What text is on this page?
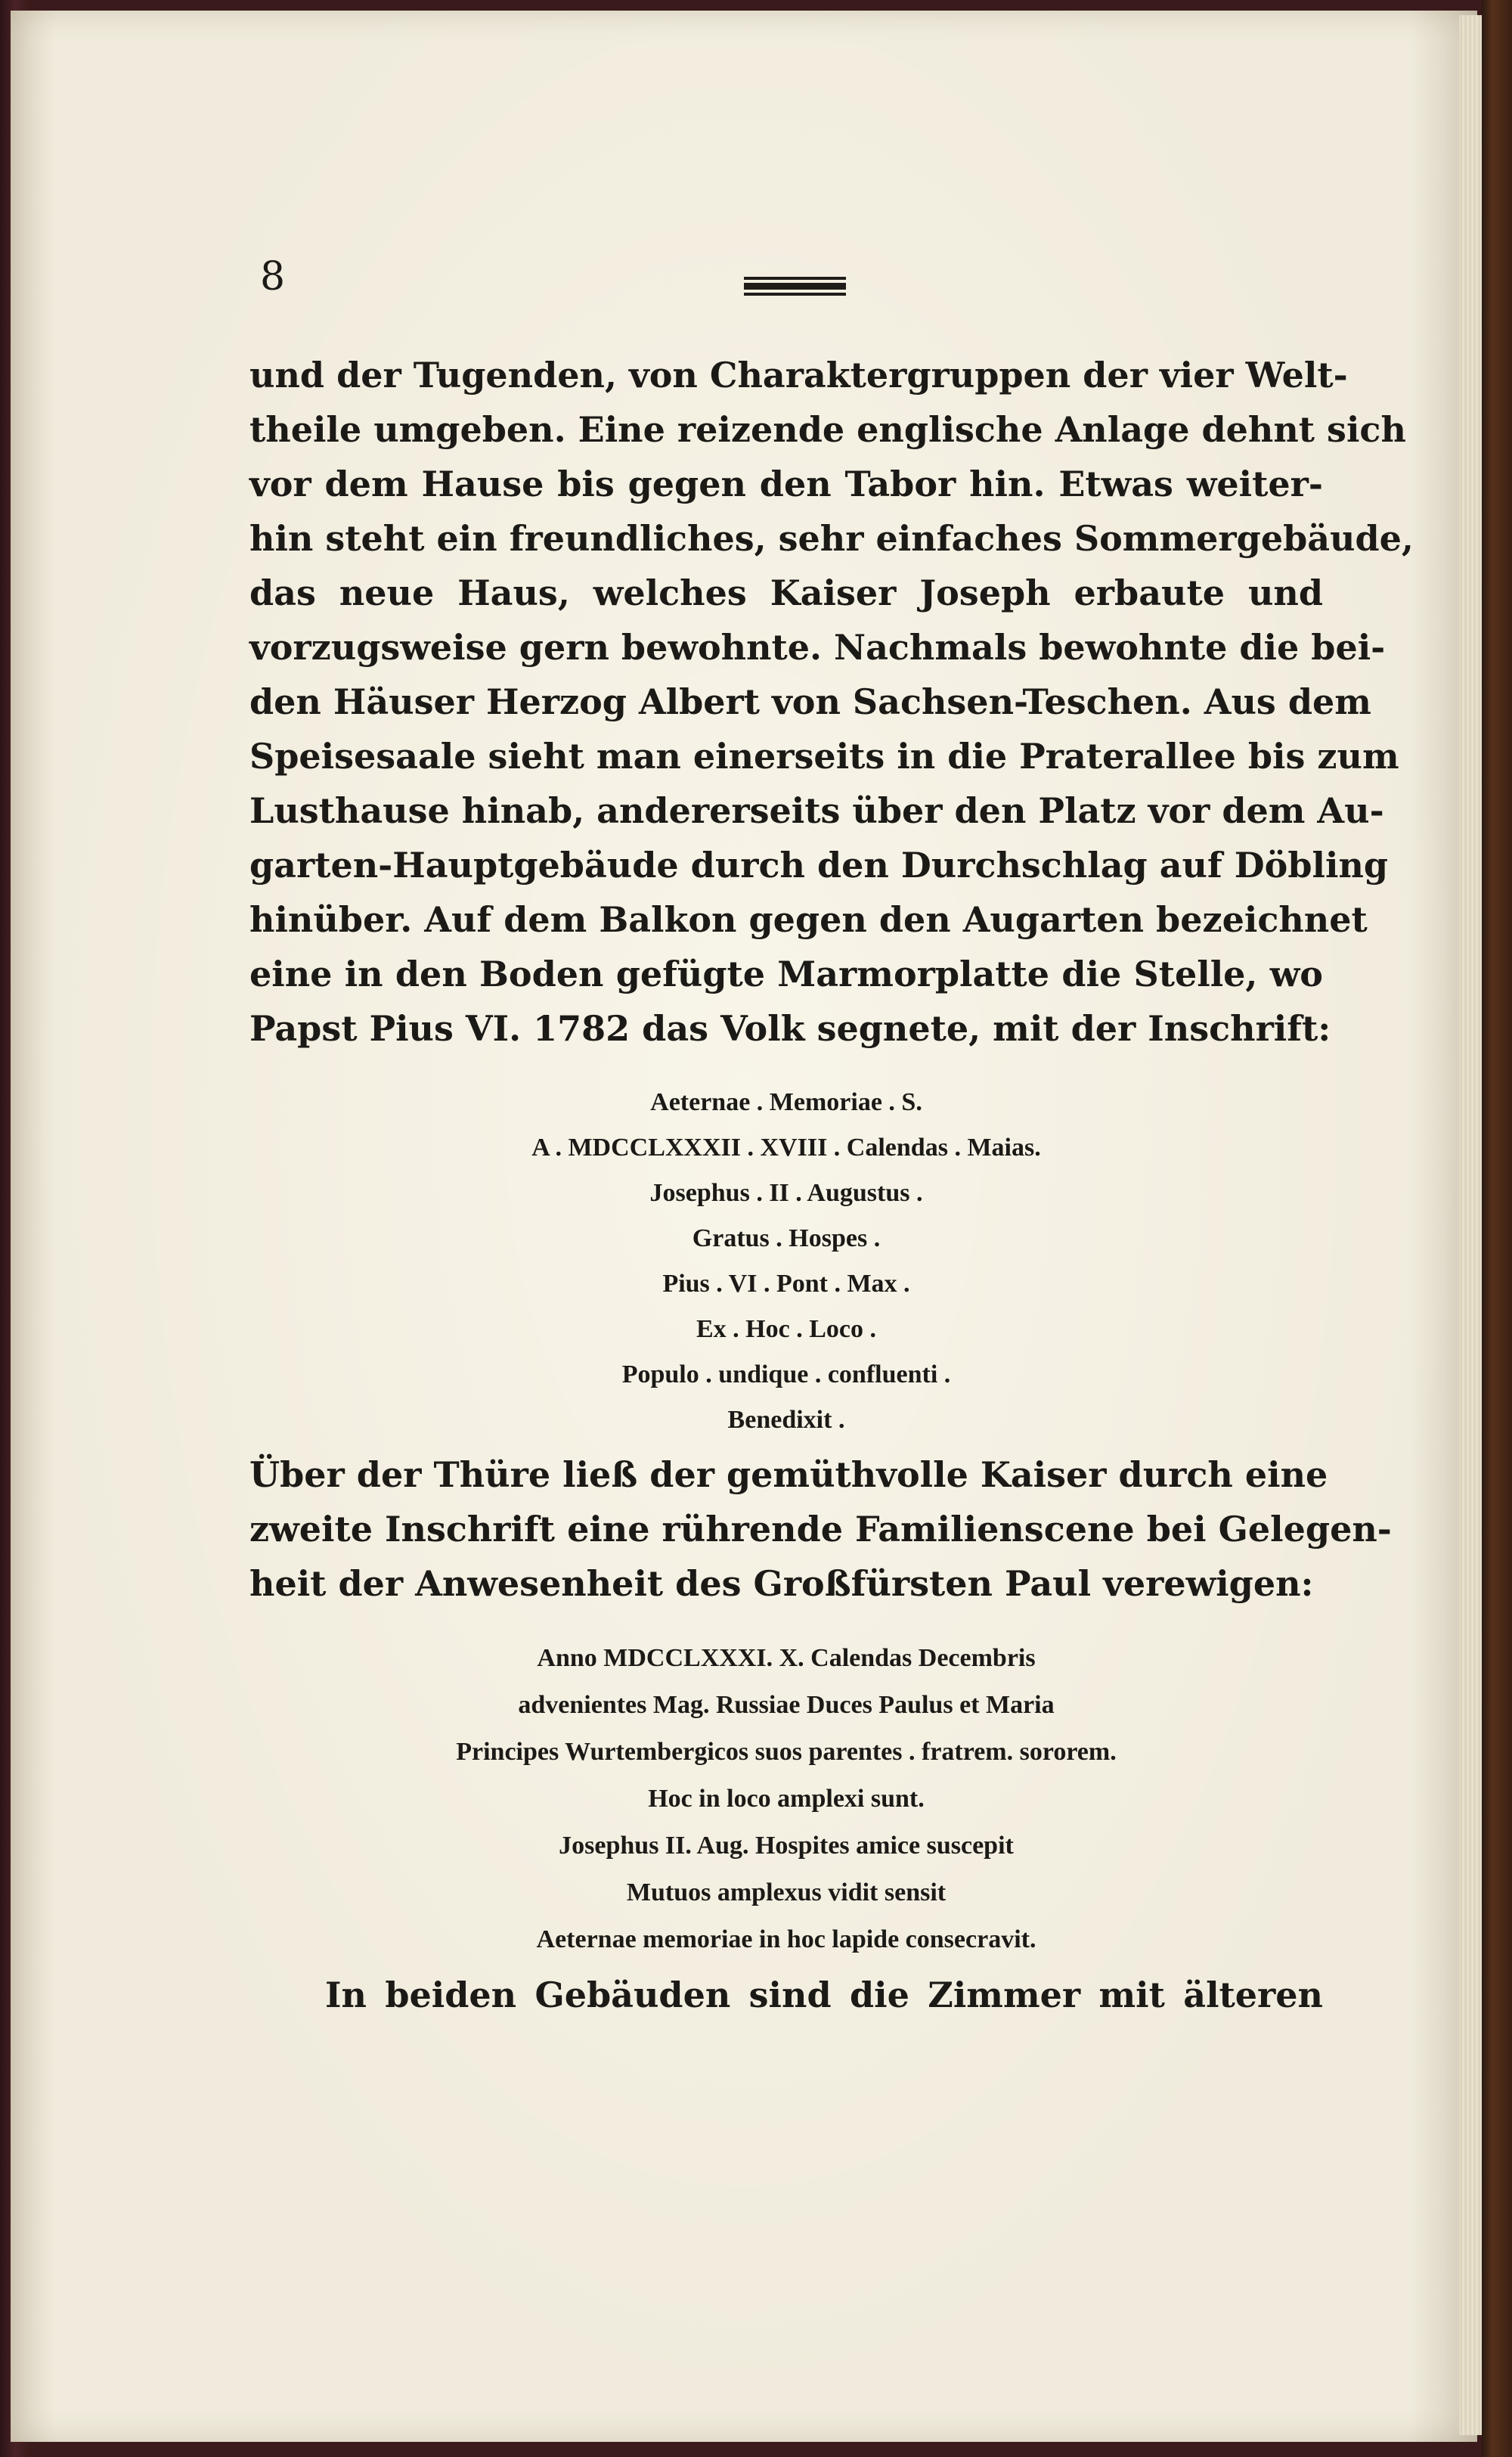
8
und der Tugenden, von Charaktergruppen der vier Welt-
theile umgeben. Eine reizende englische Anlage dehnt sich
vor dem Hause bis gegen den Tabor hin. Etwas weiter-
hin steht ein freundliches, sehr einfaches Sommergebäude,
das neue Haus, welches Kaiser Joseph erbaute und
vorzugsweise gern bewohnte. Nachmals bewohnte die bei-
den Häuser Herzog Albert von Sachsen-Teschen. Aus dem
Speisesaale sieht man einerseits in die Praterallee bis zum
Lusthause hinab, andererseits über den Platz vor dem Au-
garten-Hauptgebäude durch den Durchschlag auf Döbling
hinüber. Auf dem Balkon gegen den Augarten bezeichnet
eine in den Boden gefügte Marmorplatte die Stelle, wo
Papst Pius VI. 1782 das Volk segnete, mit der Inschrift:
Aeternae . Memoriae . S.
A . MDCCLXXXII . XVIII . Calendas . Maias.
Josephus . II . Augustus .
Gratus . Hospes .
Pius . VI . Pont . Max .
Ex . Hoc . Loco .
Populo . undique . confluenti .
Benedixit .
Über der Thüre ließ der gemüthvolle Kaiser durch eine
zweite Inschrift eine rührende Familienscene bei Gelegen-
heit der Anwesenheit des Großfürsten Paul verewigen:
Anno MDCCLXXXI. X. Calendas Decembris
advenientes Mag. Russiae Duces Paulus et Maria
Principes Wurtembergicos suos parentes . fratrem. sororem.
Hoc in loco amplexi sunt.
Josephus II. Aug. Hospites amice suscepit
Mutuos amplexus vidit sensit
Aeternae memoriae in hoc lapide consecravit.
In beiden Gebäuden sind die Zimmer mit älteren
